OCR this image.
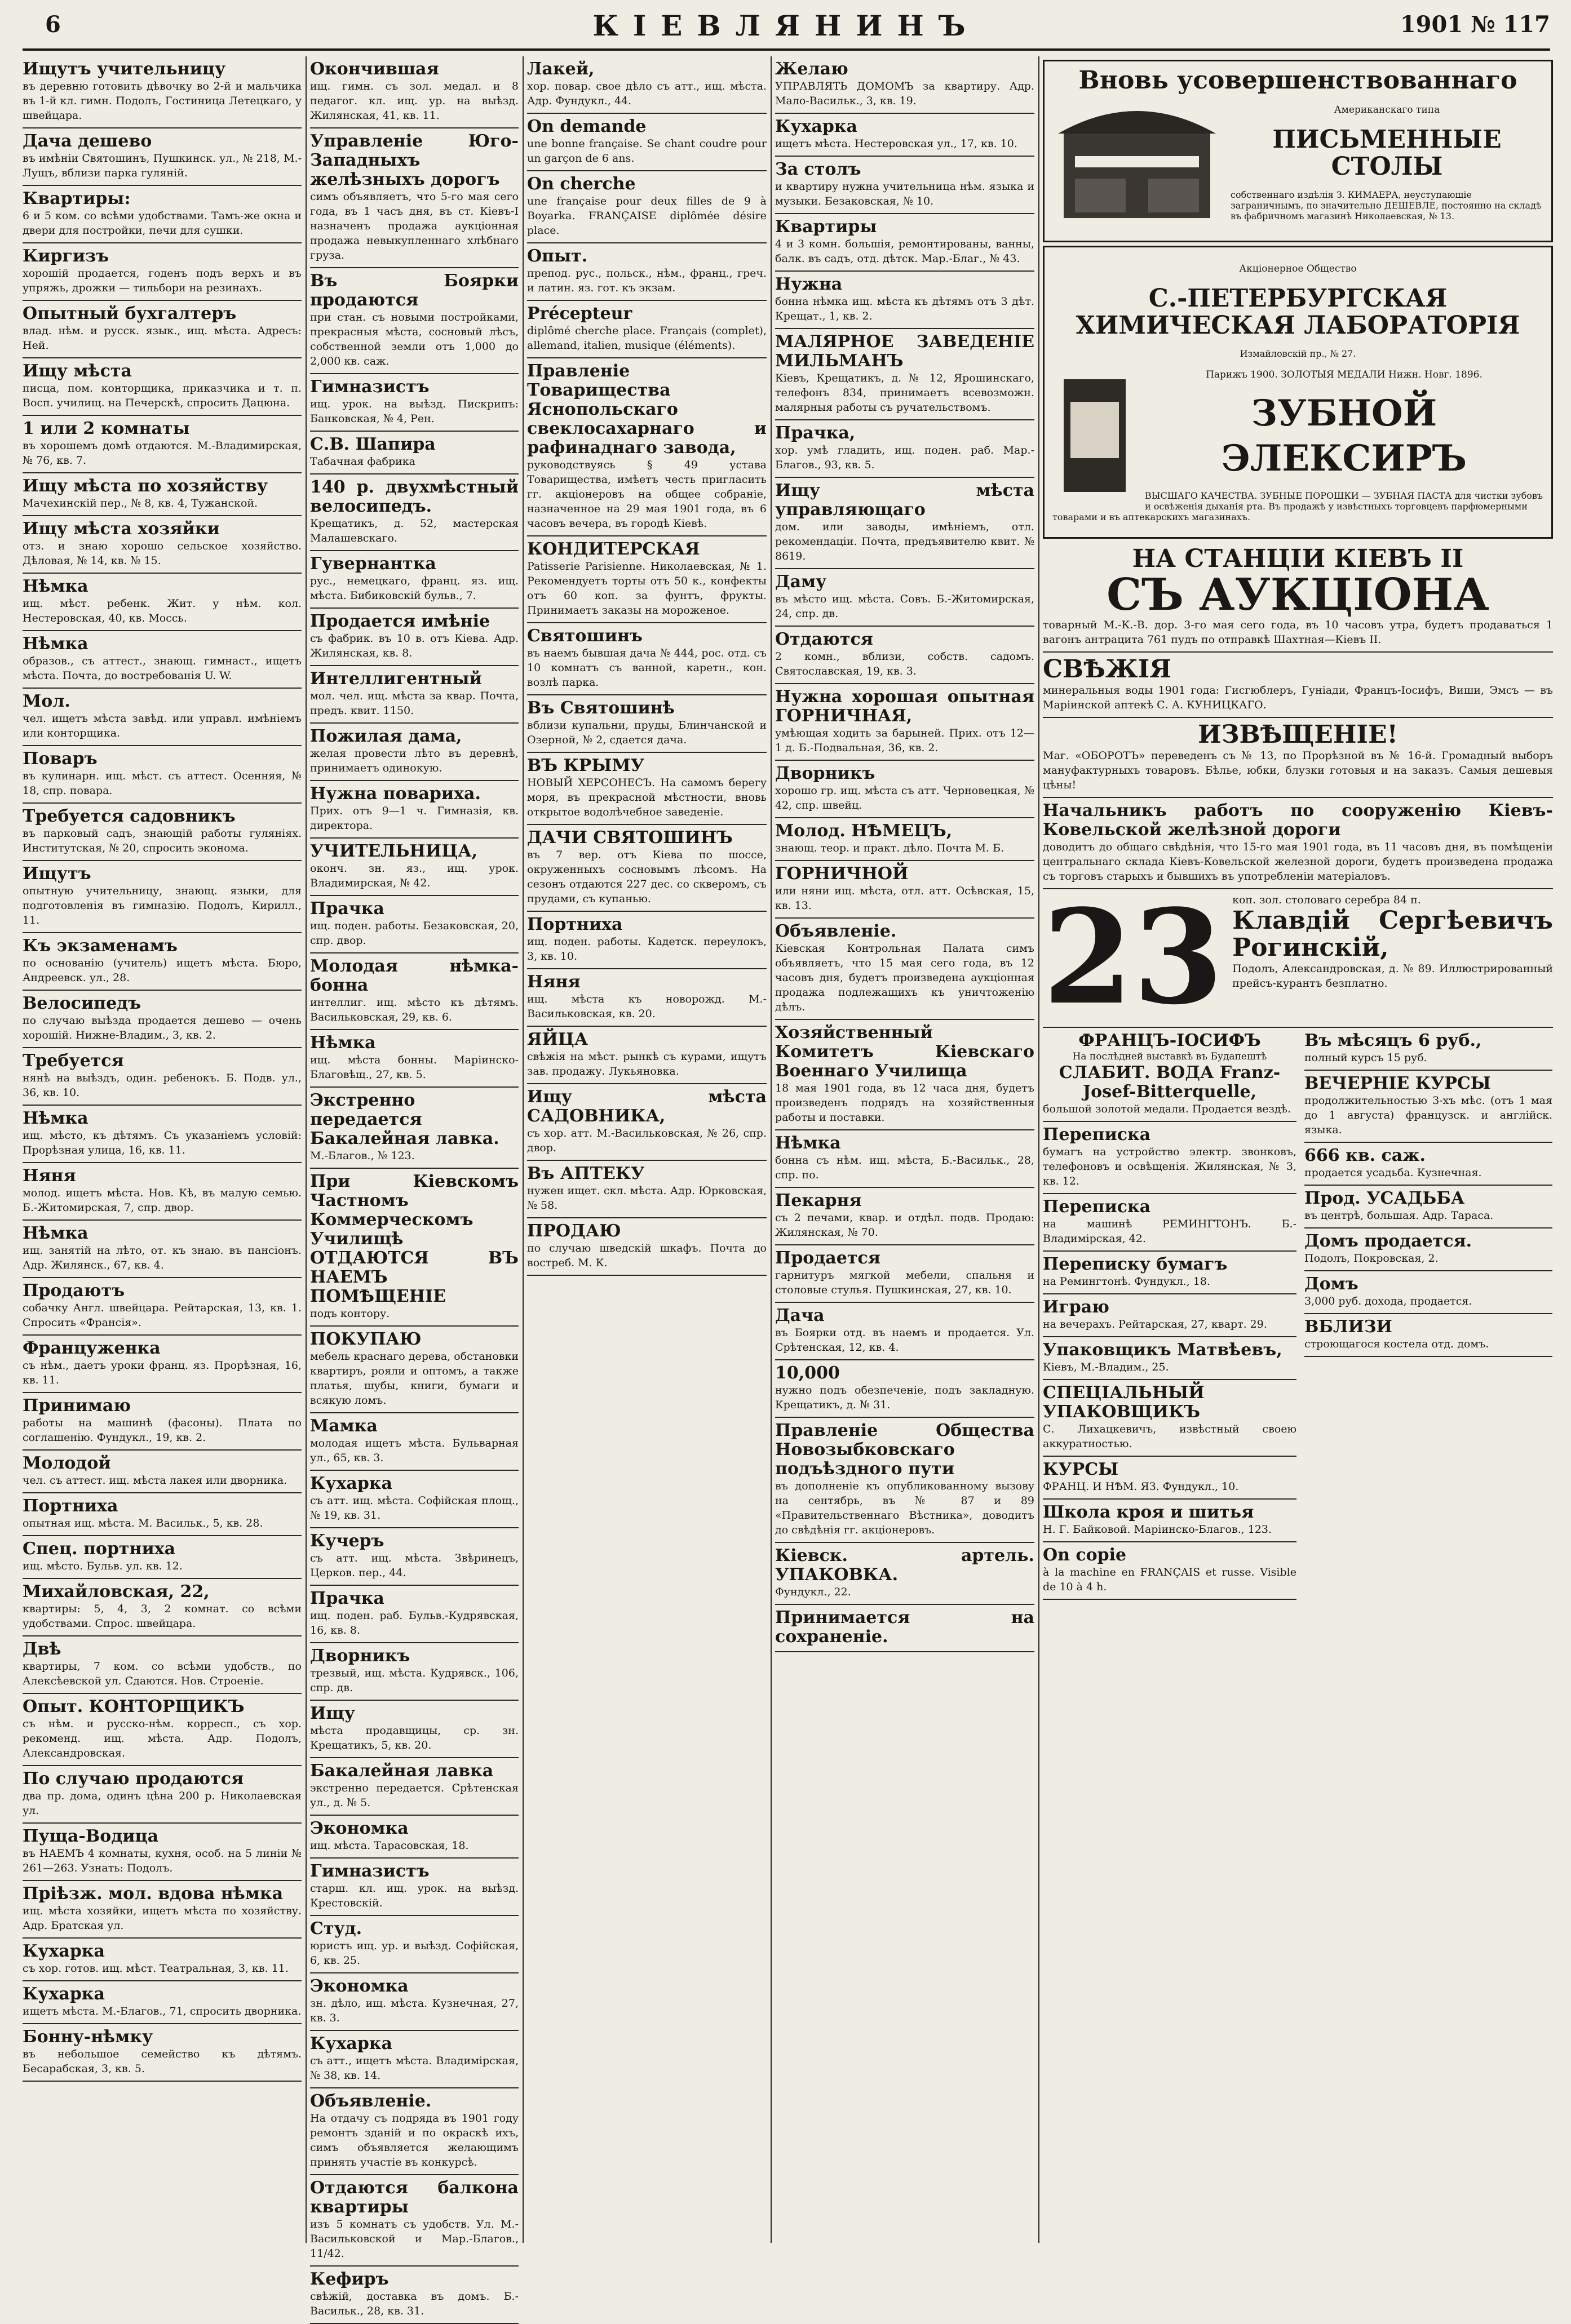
6	КІЕВЛЯНИНЪ	1901 № 117

Ищутъ учительницу

въ деревню готовить дѣвочку во 2-й и мальчика въ 1-й кл. гимн. Подолъ, Гостиница Летецкаго, у швейцара.

Дача дешево

въ имѣніи Святошинъ, Пушкинск. ул., № 218, М.-Лущъ, вблизи парка гуляній.

Квартиры:

6 и 5 ком. со всѣми удобствами. Тамъ-же окна и двери для постройки, печи для сушки.

Киргизъ

хорошій продается, годенъ подъ верхъ и въ упряжь, дрожки — тильбори на резинахъ.

Опытный бухгалтеръ

влад. нѣм. и русск. язык., ищ. мѣста. Адресъ: Ней.

Ищу мѣста

писца, пом. конторщика, приказчика и т. п. Восп. училищ. на Печерскѣ, спросить Дацюна.

1 или 2 комнаты

въ хорошемъ домѣ отдаются. М.-Владимирская, № 76, кв. 7.

Ищу мѣста по хозяйству

Мачехинскій пер., № 8, кв. 4, Тужанской.

Ищу мѣста хозяйки

отз. и знаю хорошо сельское хозяйство. Дѣловая, № 14, кв. № 15.

Нѣмка

ищ. мѣст. ребенк. Жит. у нѣм. кол. Нестеровская, 40, кв. Моссь.

Нѣмка

образов., съ аттест., знающ. гимнаст., ищетъ мѣста. Почта, до востребованія U. W.

Мол.

чел. ищетъ мѣста завѣд. или управл. имѣніемъ или конторщика.

Поваръ

въ кулинарн. ищ. мѣст. съ аттест. Осенняя, № 18, спр. повара.

Требуется садовникъ

въ парковый садъ, знающій работы гуляніях. Институтская, № 20, спросить эконома.

Ищутъ

опытную учительницу, знающ. языки, для подготовленія въ гимназію. Подолъ, Кирилл., 11.

Къ экзаменамъ

по основанію (учитель) ищетъ мѣста. Бюро, Андреевск. ул., 28.

Велосипедъ

по случаю выѣзда продается дешево — очень хорошій. Нижне-Владим., 3, кв. 2.

Требуется

нянѣ на выѣздъ, один. ребенокъ. Б. Подв. ул., 36, кв. 10.

Нѣмка

ищ. мѣсто, къ дѣтямъ. Съ указаніемъ условій: Прорѣзная улица, 16, кв. 11.

Няня

молод. ищетъ мѣста. Нов. Кѣ, въ малую семью. Б.-Житомирская, 7, спр. двор.

Нѣмка

ищ. занятій на лѣто, от. къ знаю. въ пансіонъ. Адр. Жилянск., 67, кв. 4.

Продаютъ

собачку Англ. швейцара. Рейтарская, 13, кв. 1. Спросить «Франсія».

Француженка

съ нѣм., даетъ уроки франц. яз. Прорѣзная, 16, кв. 11.

Принимаю

работы на машинѣ (фасоны). Плата по соглашенію. Фундукл., 19, кв. 2.

Молодой

чел. съ аттест. ищ. мѣста лакея или дворника.

Портниха

опытная ищ. мѣста. М. Васильк., 5, кв. 28.

Спец. портниха

ищ. мѣсто. Бульв. ул. кв. 12.

Михайловская, 22,

квартиры: 5, 4, 3, 2 комнат. со всѣми удобствами. Спрос. швейцара.

Двѣ

квартиры, 7 ком. со всѣми удобств., по Алексѣевской ул. Сдаются. Нов. Строеніе.

Опыт. КОНТОРЩИКЪ

съ нѣм. и русско-нѣм. корресп., съ хор. рекоменд. ищ. мѣста. Адр. Подолъ, Александровская.

По случаю продаются

два пр. дома, одинъ цѣна 200 р. Николаевская ул.

Пуща-Водица

въ НАЕМЪ 4 комнаты, кухня, особ. на 5 линіи № 261—263. Узнать: Подолъ.

Пріѣзж. мол. вдова нѣмка

ищ. мѣста хозяйки, ищетъ мѣста по хозяйству. Адр. Братская ул.

Кухарка

съ хор. готов. ищ. мѣст. Театральная, 3, кв. 11.

Кухарка

ищетъ мѣста. М.-Благов., 71, спросить дворника.

Бонну-нѣмку

въ небольшое семейство къ дѣтямъ. Бесарабская, 3, кв. 5.

Окончившая

ищ. гимн. съ зол. медал. и 8 педагог. кл. ищ. ур. на выѣзд. Жилянская, 41, кв. 11.

Управленіе Юго-Западныхъ желѣзныхъ дорогъ

симъ объявляетъ, что 5-го мая сего года, въ 1 часъ дня, въ ст. Кіевъ-І назначенъ продажа аукціонная продажа невыкупленнаго хлѣбнаго груза.

Въ Боярки продаются

при стан. съ новыми постройками, прекрасныя мѣста, сосновый лѣсъ, собственной земли отъ 1,000 до 2,000 кв. саж.

Гимназистъ

ищ. урок. на выѣзд. Пискрипъ: Банковская, № 4, Рен.

С.В. Шапира

Табачная фабрика

140 р. двухмѣстный велосипедъ.

Крещатикъ, д. 52, мастерская Малашевскаго.

Гувернантка

рус., немецкаго, франц. яз. ищ. мѣста. Бибиковскій бульв., 7.

Продается имѣніе

съ фабрик. въ 10 в. отъ Кіева. Адр. Жилянская, кв. 8.

Интеллигентный

мол. чел. ищ. мѣста за квар. Почта, предъ. квит. 1150.

Пожилая дама,

желая провести лѣто въ деревнѣ, принимаетъ одинокую.

Нужна повариха.

Прих. отъ 9—1 ч. Гимназія, кв. директора.

УЧИТЕЛЬНИЦА,

оконч. зн. яз., ищ. урок. Владимирская, № 42.

Прачка

ищ. поден. работы. Безаковская, 20, спр. двор.

Молодая нѣмка-бонна

интеллиг. ищ. мѣсто къ дѣтямъ. Васильковская, 29, кв. 6.

Нѣмка

ищ. мѣста бонны. Маріинско-Благовѣщ., 27, кв. 5.

Экстренно передается Бакалейная лавка.

М.-Благов., № 123.

При Кіевскомъ Частномъ Коммерческомъ Училищѣ ОТДАЮТСЯ ВЪ НАЕМЪ ПОМѢЩЕНІЕ

подъ контору.

ПОКУПАЮ

мебель краснаго дерева, обстановки квартиръ, рояли и оптомъ, а также платья, шубы, книги, бумаги и всякую ломъ.

Мамка

молодая ищетъ мѣста. Бульварная ул., 65, кв. 3.

Кухарка

съ атт. ищ. мѣста. Софійская площ., № 19, кв. 31.

Кучеръ

съ атт. ищ. мѣста. Звѣринецъ, Церков. пер., 44.

Прачка

ищ. поден. раб. Бульв.-Кудрявская, 16, кв. 8.

Дворникъ

трезвый, ищ. мѣста. Кудрявск., 106, спр. дв.

Ищу

мѣста продавщицы, ср. зн. Крещатикъ, 5, кв. 20.

Бакалейная лавка

экстренно передается. Срѣтенская ул., д. № 5.

Экономка

ищ. мѣста. Тарасовская, 18.

Гимназистъ

старш. кл. ищ. урок. на выѣзд. Крестовскій.

Студ.

юристъ ищ. ур. и выѣзд. Софійская, 6, кв. 25.

Экономка

зн. дѣло, ищ. мѣста. Кузнечная, 27, кв. 3.

Кухарка

съ атт., ищетъ мѣста. Владимірская, № 38, кв. 14.

Объявленіе.

На отдачу съ подряда въ 1901 году ремонтъ зданій и по окраскѣ ихъ, симъ объявляется желающимъ принять участіе въ конкурсѣ.

Отдаются балкона квартиры

изъ 5 комнатъ съ удобств. Ул. М.-Васильковской и Мар.-Благов., 11/42.

Кефиръ

свѣжій, доставка въ домъ. Б.-Васильк., 28, кв. 31.

Лакей,

хор. повар. свое дѣло съ атт., ищ. мѣста. Адр. Фундукл., 44.

On demande

une bonne française. Se chant coudre pour un garçon de 6 ans.

On cherche

une française pour deux filles de 9 à Boyarka. FRANÇAISE diplômée désire place.

Опыт.

препод. рус., польск., нѣм., франц., греч. и латин. яз. гот. къ экзам.

Précepteur

diplômé cherche place. Français (complet), allemand, italien, musique (éléments).

Правленіе Товарищества Яснопольскаго свеклосахарнаго и рафинаднаго завода,

руководствуясь § 49 устава Товарищества, имѣетъ честь пригласить гг. акціонеровъ на общее собраніе, назначенное на 29 мая 1901 года, въ 6 часовъ вечера, въ городѣ Кіевѣ.

КОНДИТЕРСКАЯ

Patisserie Parisienne. Николаевская, № 1. Рекомендуетъ торты отъ 50 к., конфекты отъ 60 коп. за фунтъ, фрукты. Принимаетъ заказы на мороженое.

Святошинъ

въ наемъ бывшая дача № 444, рос. отд. съ 10 комнатъ съ ванной, каретн., кон. возлѣ парка.

Въ Святошинѣ

вблизи купальни, пруды, Блинчанской и Озерной, № 2, сдается дача.

ВЪ КРЫМУ

НОВЫЙ ХЕРСОНЕСЪ. На самомъ берегу моря, въ прекрасной мѣстности, вновь открытое водолѣчебное заведеніе.

ДАЧИ СВЯТОШИНЪ

въ 7 вер. отъ Кіева по шоссе, окруженныхъ сосновымъ лѣсомъ. На сезонъ отдаются 227 дес. со скверомъ, съ прудами, съ купанью.

Портниха

ищ. поден. работы. Кадетск. переулокъ, 3, кв. 10.

Няня

ищ. мѣста къ новорожд. М.-Васильковская, кв. 20.

ЯЙЦА

свѣжія на мѣст. рынкѣ съ курами, ищутъ зав. продажу. Лукьяновка.

Ищу мѣста САДОВНИКА,

съ хор. атт. М.-Васильковская, № 26, спр. двор.

Въ АПТЕКУ

нужен ищет. скл. мѣста. Адр. Юрковская, № 58.

ПРОДАЮ

по случаю шведскій шкафъ. Почта до востреб. М. К.

Желаю

УПРАВЛЯТЬ ДОМОМЪ за квартиру. Адр. Мало-Васильк., 3, кв. 19.

Кухарка

ищетъ мѣста. Нестеровская ул., 17, кв. 10.

За столъ

и квартиру нужна учительница нѣм. языка и музыки. Безаковская, № 10.

Квартиры

4 и 3 комн. большія, ремонтированы, ванны, балк. въ садъ, отд. дѣтск. Мар.-Благ., № 43.

Нужна

бонна нѣмка ищ. мѣста къ дѣтямъ отъ 3 дѣт. Крещат., 1, кв. 2.

МАЛЯРНОЕ ЗАВЕДЕНІЕ МИЛЬМАНЪ

Кіевъ, Крещатикъ, д. № 12, Ярошинскаго, телефонъ 834, принимаетъ всевозможн. малярныя работы съ ручательствомъ.

Прачка,

хор. умѣ гладить, ищ. поден. раб. Мар.-Благов., 93, кв. 5.

Ищу мѣста управляющаго

дом. или заводы, имѣніемъ, отл. рекомендаціи. Почта, предъявителю квит. № 8619.

Даму

въ мѣсто ищ. мѣста. Совъ. Б.-Житомирская, 24, спр. дв.

Отдаются

2 комн., вблизи, собств. садомъ. Святославская, 19, кв. 3.

Нужна хорошая опытная ГОРНИЧНАЯ,

умѣющая ходить за барыней. Прих. отъ 12—1 д. Б.-Подвальная, 36, кв. 2.

Дворникъ

хорошо гр. ищ. мѣста съ атт. Черновецкая, № 42, спр. швейц.

Молод. НѢМЕЦЪ,

знающ. теор. и практ. дѣло. Почта М. Б.

ГОРНИЧНОЙ

или няни ищ. мѣста, отл. атт. Осѣвская, 15, кв. 13.

Объявленіе.

Кіевская Контрольная Палата симъ объявляетъ, что 15 мая сего года, въ 12 часовъ дня, будетъ произведена аукціонная продажа подлежащихъ къ уничтоженію дѣлъ.

Хозяйственный Комитетъ Кіевскаго Военнаго Училища

18 мая 1901 года, въ 12 часа дня, будетъ произведенъ подрядъ на хозяйственныя работы и поставки.

Нѣмка

бонна съ нѣм. ищ. мѣста, Б.-Васильк., 28, спр. по.

Пекарня

съ 2 печами, квар. и отдѣл. подв. Продаю: Жилянская, № 70.

Продается

гарнитуръ мягкой мебели, спальня и столовые стулья. Пушкинская, 27, кв. 10.

Дача

въ Боярки отд. въ наемъ и продается. Ул. Срѣтенская, 12, кв. 4.

10,000

нужно подъ обезпеченіе, подъ закладную. Крещатикъ, д. № 31.

Правленіе Общества Новозыбковскаго подъѣздного пути

въ дополненіе къ опубликованному вызову на сентябрь, въ № 87 и 89 «Правительственнаго Вѣстника», доводитъ до свѣдѣнія гг. акціонеровъ.

Кіевск. артель. УПАКОВКА.

Фундукл., 22.

Принимается на сохраненіе.

Вновь усовершенствованнаго

Американскаго типа

ПИСЬМЕННЫЕ СТОЛЫ

собственнаго издѣлія З. КИМАЕРА, неуступающіе заграничнымъ, по значительно ДЕШЕВЛЕ, постоянно на складѣ въ фабричномъ магазинѣ Николаевская, № 13.

Акціонерное Общество

С.-ПЕТЕРБУРГСКАЯ ХИМИЧЕСКАЯ ЛАБОРАТОРІЯ

Измайловскій пр., № 27.

Парижъ 1900. ЗОЛОТЫЯ МЕДАЛИ Нижн. Новг. 1896.

ЗУБНОЙ ЭЛЕКСИРЪ

ВЫСШАГО КАЧЕСТВА. ЗУБНЫЕ ПОРОШКИ — ЗУБНАЯ ПАСТА для чистки зубовъ и освѣженія дыханія рта. Въ продажѣ у извѣстныхъ торговцевъ парфюмерными товарами и въ аптекарскихъ магазинахъ.

НА СТАНЦІИ КІЕВЪ ІІ

СЪ АУКЦІОНА

товарный М.-К.-В. дор. 3-го мая сего года, въ 10 часовъ утра, будетъ продаваться 1 вагонъ антрацита 761 пудъ по отправкѣ Шахтная—Кіевъ II.

СВѢЖІЯ

минеральныя воды 1901 года: Гисгюблеръ, Гуніади, Францъ-Іосифъ, Виши, Эмсъ — въ Маріинской аптекѣ С. А. КУНИЦКАГО.

ИЗВѢЩЕНІЕ!

Маг. «ОБОРОТЪ» переведенъ съ № 13, по Прорѣзной въ № 16-й. Громадный выборъ мануфактурныхъ товаровъ. Бѣлье, юбки, блузки готовыя и на заказъ. Самыя дешевыя цѣны!

Начальникъ работъ по сооруженію Кіевъ-Ковельской желѣзной дороги

доводитъ до общаго свѣдѣнія, что 15-го мая 1901 года, въ 11 часовъ дня, въ помѣщеніи центральнаго склада Кіевъ-Ковельской железной дороги, будетъ произведена продажа съ торговъ старыхъ и бывшихъ въ употребленіи матеріаловъ.

23 коп. зол. столоваго серебра 84 п.

Клавдій Сергѣевичъ Рогинскій,

Подолъ, Александровская, д. № 89. Иллюстрированный прейсъ-курантъ безплатно.

ФРАНЦЪ-ІОСИФЪ

На послѣдней выставкѣ въ Будапештѣ

СЛАБИТ. ВОДА Franz-Josef-Bitterquelle,

большой золотой медали. Продается вездѣ.

Переписка

бумагъ на устройство электр. звонковъ, телефоновъ и освѣщенія. Жилянская, № 3, кв. 12.

Переписка

на машинѣ РЕМИНГТОНЪ. Б.-Владимірская, 42.

Переписку бумагъ

на Ремингтонѣ. Фундукл., 18.

Играю

на вечерахъ. Рейтарская, 27, кварт. 29.

Упаковщикъ Матвѣевъ,

Кіевъ, М.-Владим., 25.

СПЕЦІАЛЬНЫЙ УПАКОВЩИКЪ

С. Лихацкевичъ, извѣстный своею аккуратностью.

КУРСЫ

ФРАНЦ. И НѢМ. ЯЗ. Фундукл., 10.

Школа кроя и шитья

Н. Г. Байковой. Маріинско-Благов., 123.

On copie

à la machine en FRANÇAIS et russe. Visible de 10 à 4 h.

Въ мѣсяцъ 6 руб.,

полный курсъ 15 руб.

ВЕЧЕРНІЕ КУРСЫ

продолжительностью 3-хъ мѣс. (отъ 1 мая до 1 августа) французск. и англійск. языка.

666 кв. саж.

продается усадьба. Кузнечная.

Прод. УСАДЬБА

въ центрѣ, большая. Адр. Тараса.

Домъ продается.

Подолъ, Покровская, 2.

Домъ

3,000 руб. дохода, продается.

ВБЛИЗИ

строющагося костела отд. домъ.
